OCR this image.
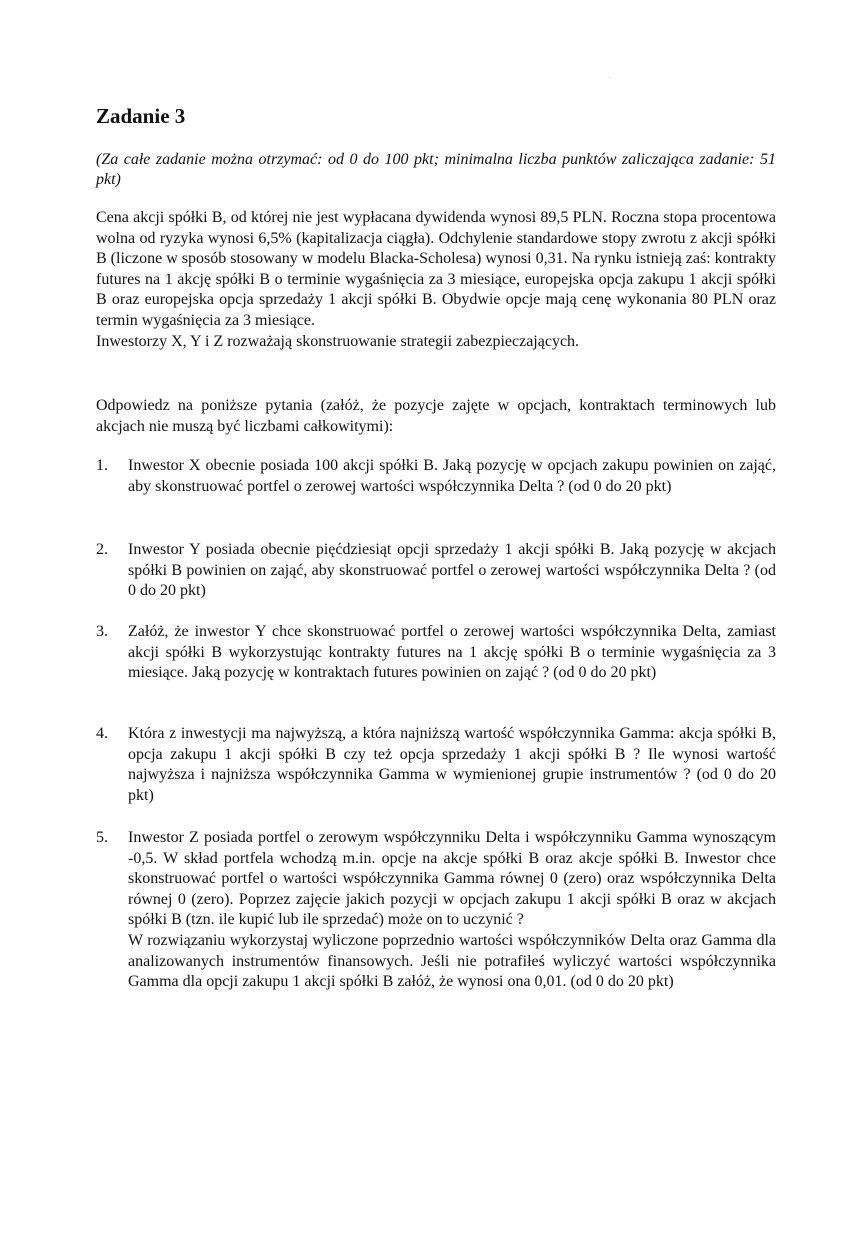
Zadanie 3

(Za całe zadanie można otrzymać: od 0 do 100 pkt; minimalna liczba punktów zaliczająca zadanie: 51 pkt)

Cena akcji spółki B, od której nie jest wypłacana dywidenda wynosi 89,5 PLN. Roczna stopa procentowa wolna od ryzyka wynosi 6,5% (kapitalizacja ciągła). Odchylenie standardowe stopy zwrotu z akcji spółki B (liczone w sposób stosowany w modelu Blacka-Scholesa) wynosi 0,31. Na rynku istnieją zaś: kontrakty futures na 1 akcję spółki B o terminie wygaśnięcia za 3 miesiące, europejska opcja zakupu 1 akcji spółki B oraz europejska opcja sprzedaży 1 akcji spółki B. Obydwie opcje mają cenę wykonania 80 PLN oraz termin wygaśnięcia za 3 miesiące.
Inwestorzy X, Y i Z rozważają skonstruowanie strategii zabezpieczających.

Odpowiedz na poniższe pytania (załóż, że pozycje zajęte w opcjach, kontraktach terminowych lub akcjach nie muszą być liczbami całkowitymi):

1. Inwestor X obecnie posiada 100 akcji spółki B. Jaką pozycję w opcjach zakupu powinien on zająć, aby skonstruować portfel o zerowej wartości współczynnika Delta ? (od 0 do 20 pkt)
2. Inwestor Y posiada obecnie pięćdziesiąt opcji sprzedaży 1 akcji spółki B. Jaką pozycję w akcjach spółki B powinien on zająć, aby skonstruować portfel o zerowej wartości współczynnika Delta ? (od 0 do 20 pkt)
3. Załóż, że inwestor Y chce skonstruować portfel o zerowej wartości współczynnika Delta, zamiast akcji spółki B wykorzystując kontrakty futures na 1 akcję spółki B o terminie wygaśnięcia za 3 miesiące. Jaką pozycję w kontraktach futures powinien on zająć ? (od 0 do 20 pkt)
4. Która z inwestycji ma najwyższą, a która najniższą wartość współczynnika Gamma: akcja spółki B, opcja zakupu 1 akcji spółki B czy też opcja sprzedaży 1 akcji spółki B ? Ile wynosi wartość najwyższa i najniższa współczynnika Gamma w wymienionej grupie instrumentów ? (od 0 do 20 pkt)
5. Inwestor Z posiada portfel o zerowym współczynniku Delta i współczynniku Gamma wynoszącym -0,5. W skład portfela wchodzą m.in. opcje na akcje spółki B oraz akcje spółki B. Inwestor chce skonstruować portfel o wartości współczynnika Gamma równej 0 (zero) oraz współczynnika Delta równej 0 (zero). Poprzez zajęcie jakich pozycji w opcjach zakupu 1 akcji spółki B oraz w akcjach spółki B (tzn. ile kupić lub ile sprzedać) może on to uczynić ?
W rozwiązaniu wykorzystaj wyliczone poprzednio wartości współczynników Delta oraz Gamma dla analizowanych instrumentów finansowych. Jeśli nie potrafiłeś wyliczyć wartości współczynnika Gamma dla opcji zakupu 1 akcji spółki B załóż, że wynosi ona 0,01. (od 0 do 20 pkt)
